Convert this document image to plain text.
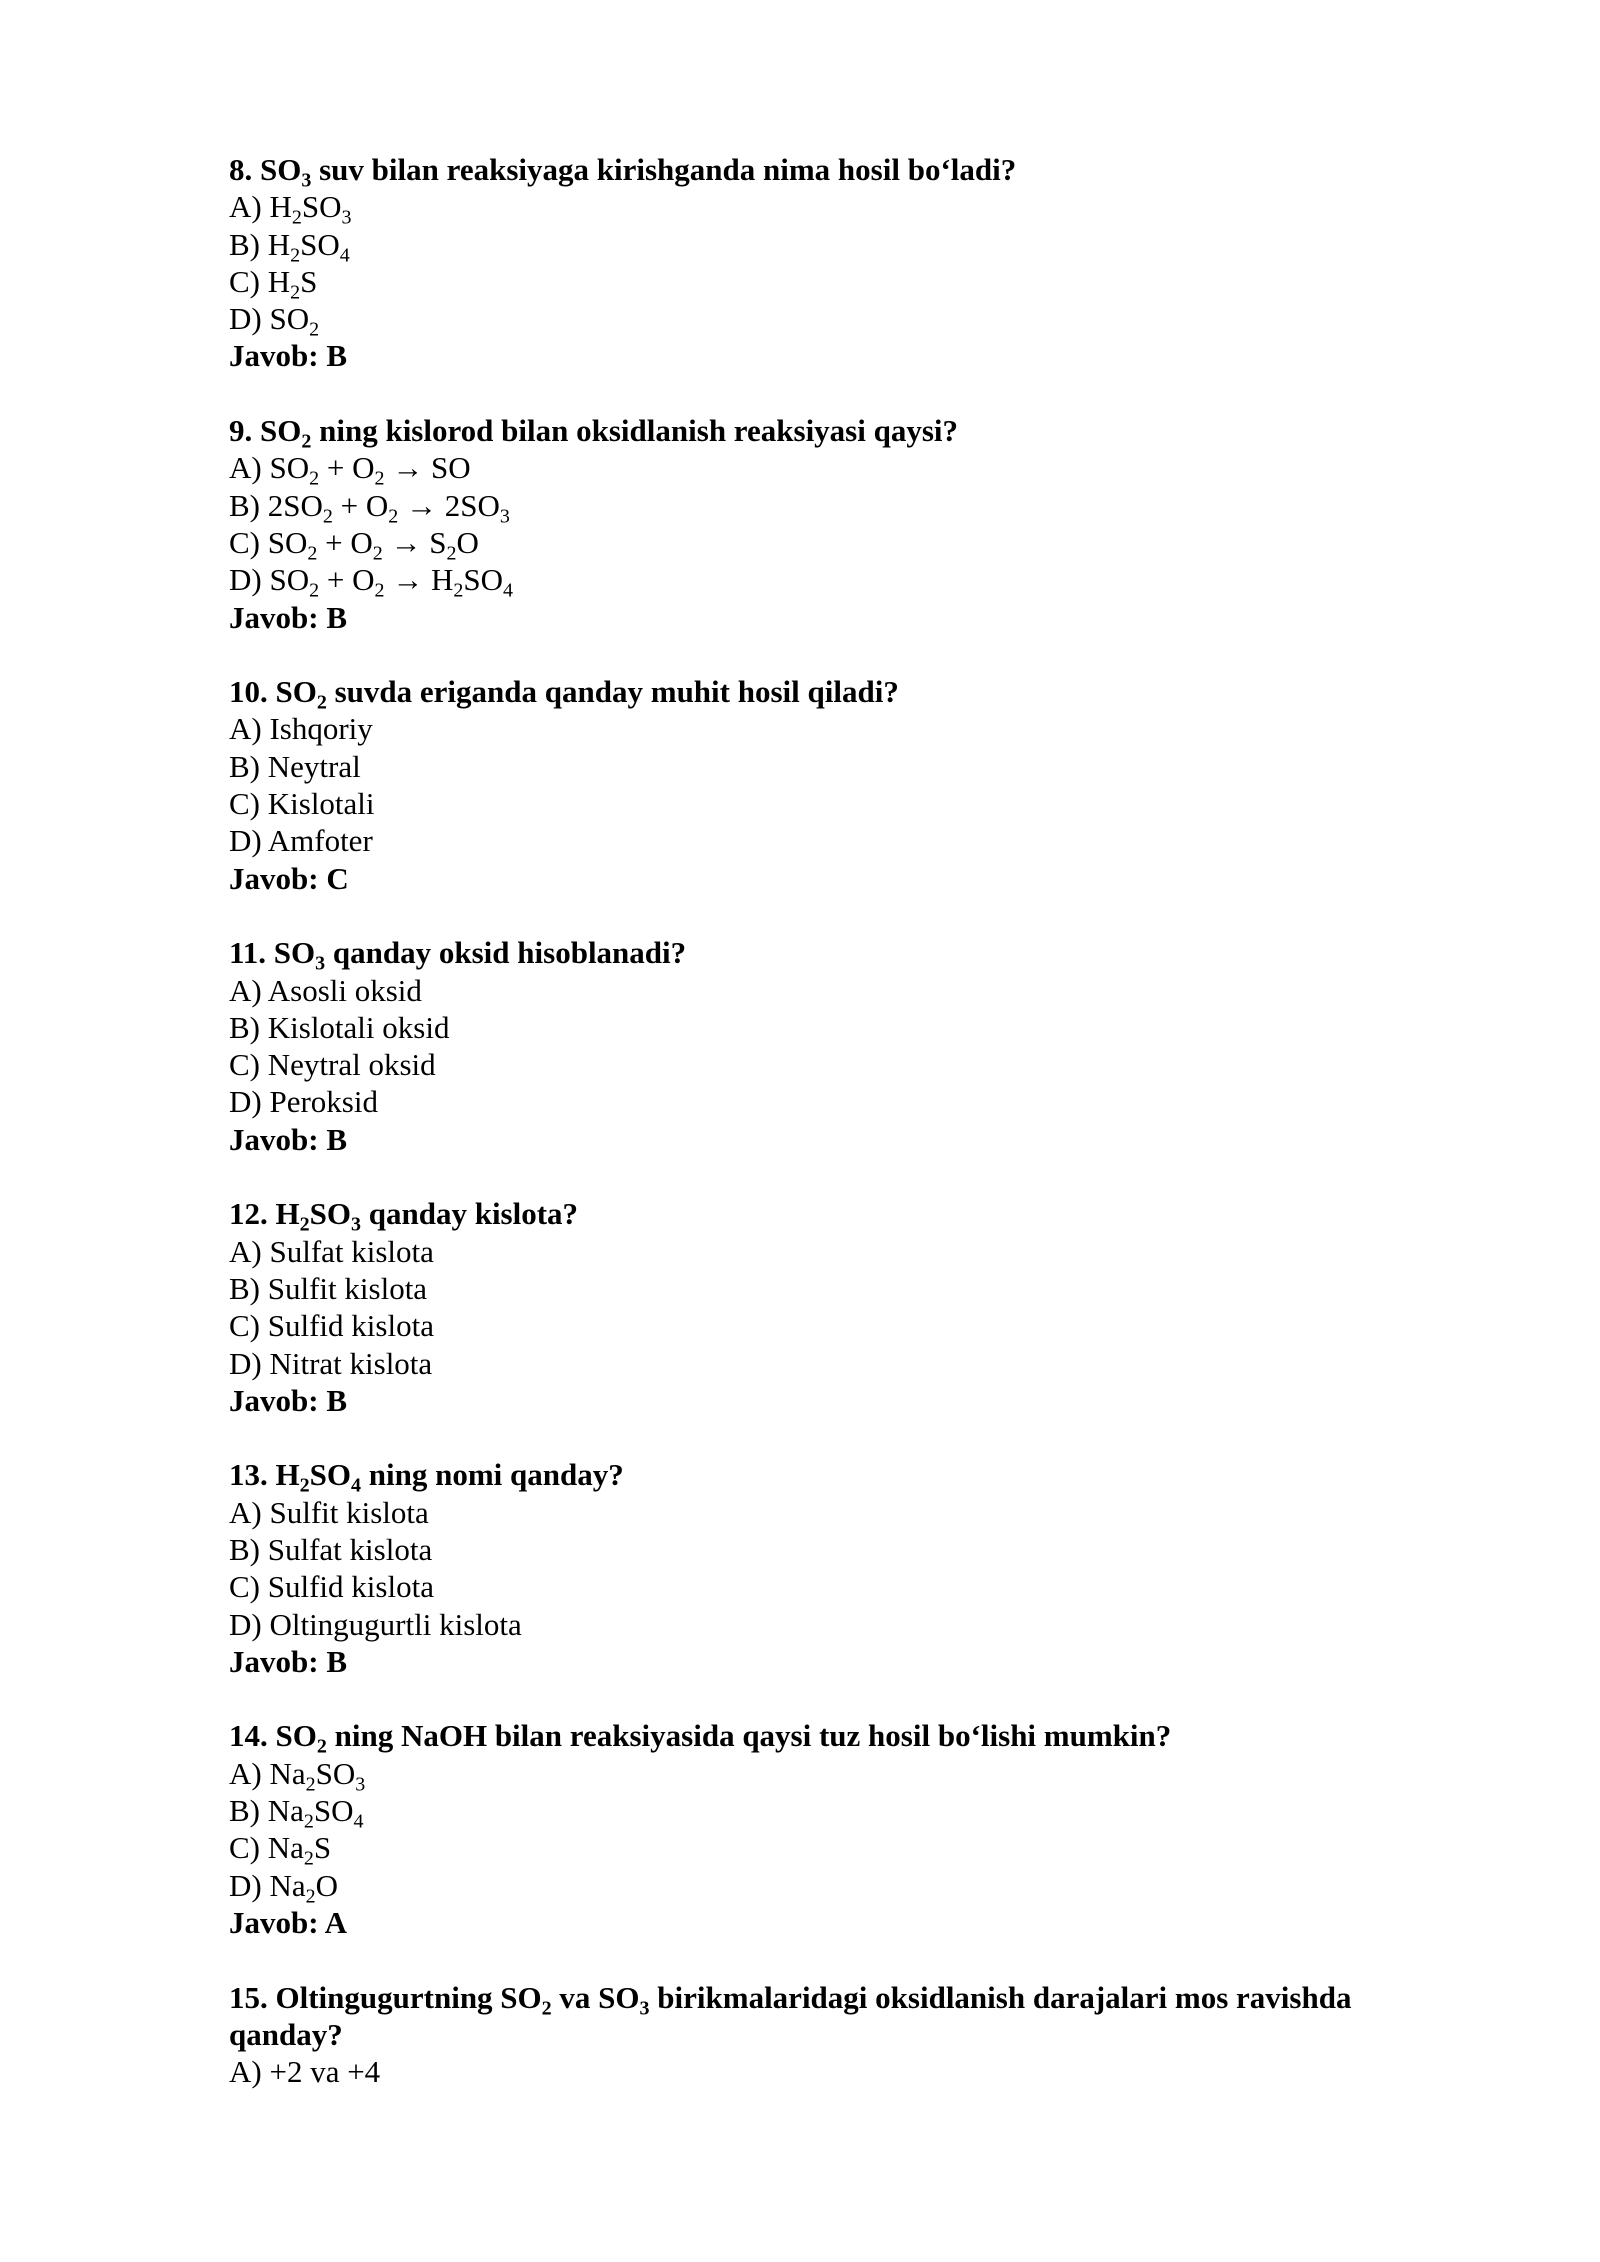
8. $SO_3$ suv bilan reaksiyaga kirishganda nima hosil bo‘ladi?
A) $H_2SO_3$
B) $H_2SO_4$
C) $H_2S$
D) $SO_2$
Javob: B
9. $SO_2$ ning kislorod bilan oksidlanish reaksiyasi qaysi?
A) $SO_2 + O_2$ → SO
B) $2SO_2 + O_2 \to 2SO_3$
C) $SO_2 + O_2 \to S_2O$
D) $SO_2 + O_2 \to H_2SO_4$
Javob: B
10. $SO_2$ suvda eriganda qanday muhit hosil qiladi?
A) Ishqoriy
B) Neytral
C) Kislotali
D) Amfoter
Javob: C
11. $SO_3$ qanday oksid hisoblanadi?
A) Asosli oksid
B) Kislotali oksid
C) Neytral oksid
D) Peroksid
Javob: B
12. $H_2SO_3$ qanday kislota?
A) Sulfat kislota
B) Sulfit kislota
C) Sulfid kislota
D) Nitrat kislota
Javob: B
13. $H_2SO_4$ ning nomi qanday?
A) Sulfit kislota
B) Sulfat kislota
C) Sulfid kislota
D) Oltingugurtli kislota
Javob: B
14. $SO_2$ ning NaOH bilan reaksiyasida qaysi tuz hosil bo‘lishi mumkin?
A) $Na_2SO_3$
B) $Na_2SO_4$
C) $Na_2S$
D) $Na_2O$
Javob: A
15. Oltingugurtning $SO_2$ va $SO_3$ birikmalaridagi oksidlanish darajalari mos ravishda qanday?
A) +2 va +4
